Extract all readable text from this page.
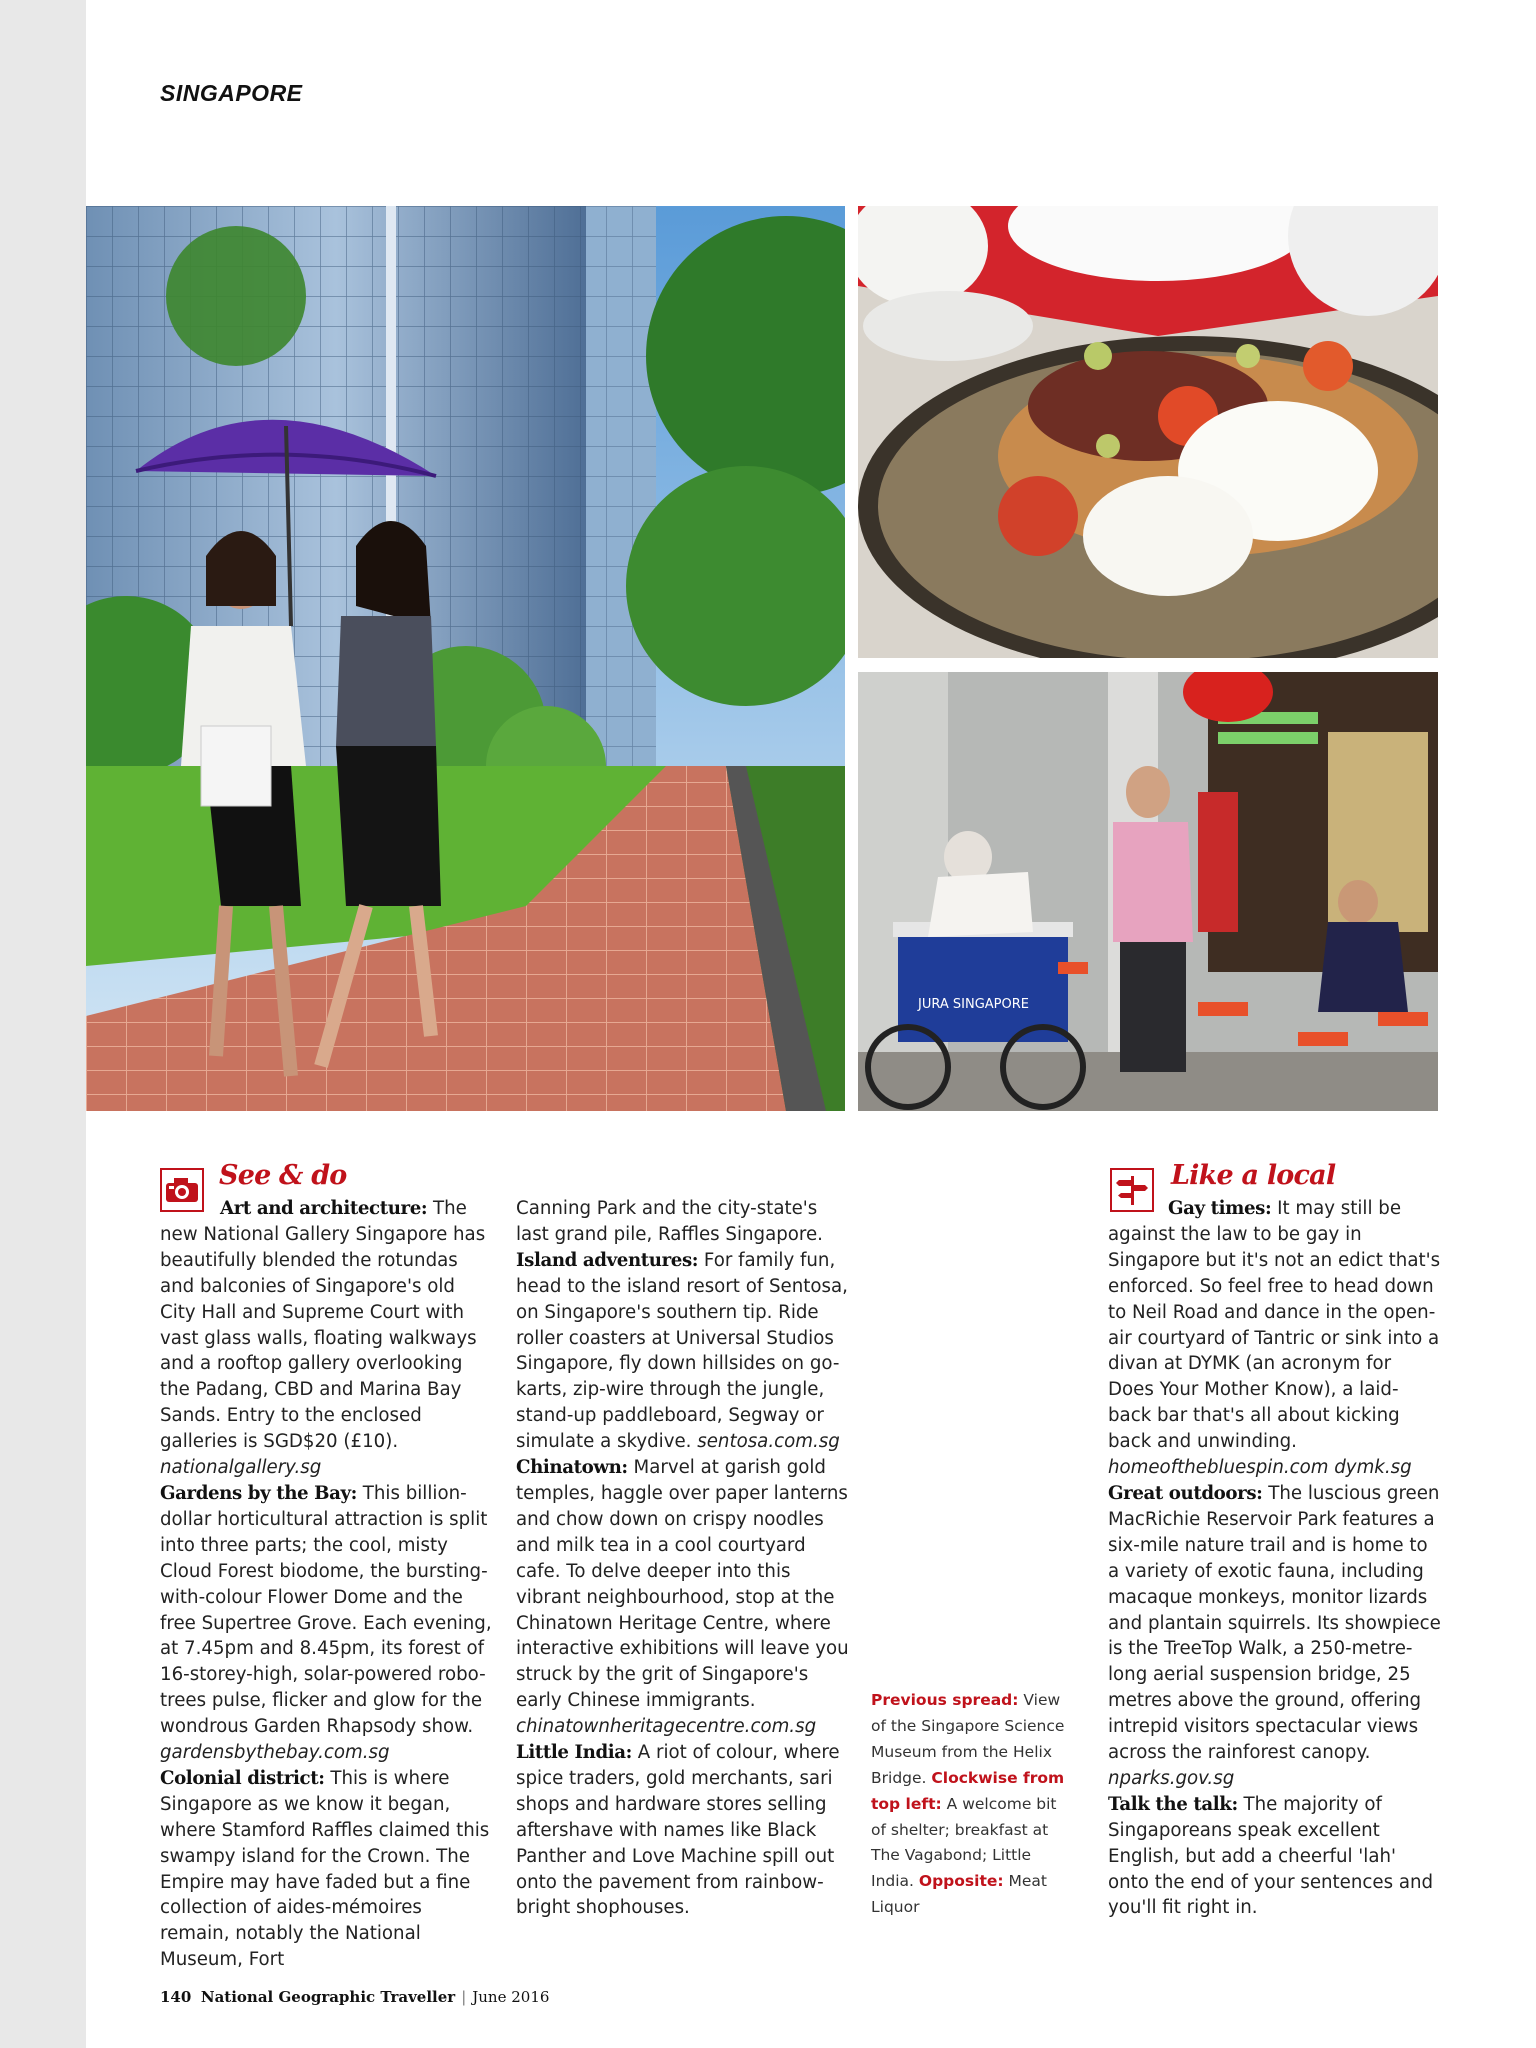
SINGAPORE
JURA SINGAPORE
See & do	Like a local

Art and architecture: The new National Gallery Singapore has beautifully blended the rotundas and balconies of Singapore's old City Hall and Supreme Court with vast glass walls, floating walkways and a rooftop gallery overlooking the Padang, CBD and Marina Bay Sands. Entry to the enclosed galleries is SGD$20 (£10). nationalgallery.sg

Gardens by the Bay: This billion-dollar horticultural attraction is split into three parts; the cool, misty Cloud Forest biodome, the bursting-with-colour Flower Dome and the free Supertree Grove. Each evening, at 7.45pm and 8.45pm, its forest of 16-storey-high, solar-powered robo-trees pulse, flicker and glow for the wondrous Garden Rhapsody show. gardensbythebay.com.sg

Colonial district: This is where Singapore as we know it began, where Stamford Raffles claimed this swampy island for the Crown. The Empire may have faded but a fine collection of aides-mémoires remain, notably the National Museum, Fort

Canning Park and the city-state's last grand pile, Raffles Singapore.

Island adventures: For family fun, head to the island resort of Sentosa, on Singapore's southern tip. Ride roller coasters at Universal Studios Singapore, fly down hillsides on go-karts, zip-wire through the jungle, stand-up paddleboard, Segway or simulate a skydive. sentosa.com.sg

Chinatown: Marvel at garish gold temples, haggle over paper lanterns and chow down on crispy noodles and milk tea in a cool courtyard cafe. To delve deeper into this vibrant neighbourhood, stop at the Chinatown Heritage Centre, where interactive exhibitions will leave you struck by the grit of Singapore's early Chinese immigrants. chinatownheritagecentre.com.sg

Little India: A riot of colour, where spice traders, gold merchants, sari shops and hardware stores selling aftershave with names like Black Panther and Love Machine spill out onto the pavement from rainbow-bright shophouses.

Previous spread: View of the Singapore Science Museum from the Helix Bridge. Clockwise from top left: A welcome bit of shelter; breakfast at The Vagabond; Little India. Opposite: Meat Liquor

Gay times: It may still be against the law to be gay in Singapore but it's not an edict that's enforced. So feel free to head down to Neil Road and dance in the open-air courtyard of Tantric or sink into a divan at DYMK (an acronym for Does Your Mother Know), a laid-back bar that's all about kicking back and unwinding. homeofthebluespin.com dymk.sg

Great outdoors: The luscious green MacRichie Reservoir Park features a six-mile nature trail and is home to a variety of exotic fauna, including macaque monkeys, monitor lizards and plantain squirrels. Its showpiece is the TreeTop Walk, a 250-metre-long aerial suspension bridge, 25 metres above the ground, offering intrepid visitors spectacular views across the rainforest canopy. nparks.gov.sg

Talk the talk: The majority of Singaporeans speak excellent English, but add a cheerful 'lah' onto the end of your sentences and you'll fit right in.

140 National Geographic Traveller | June 2016
